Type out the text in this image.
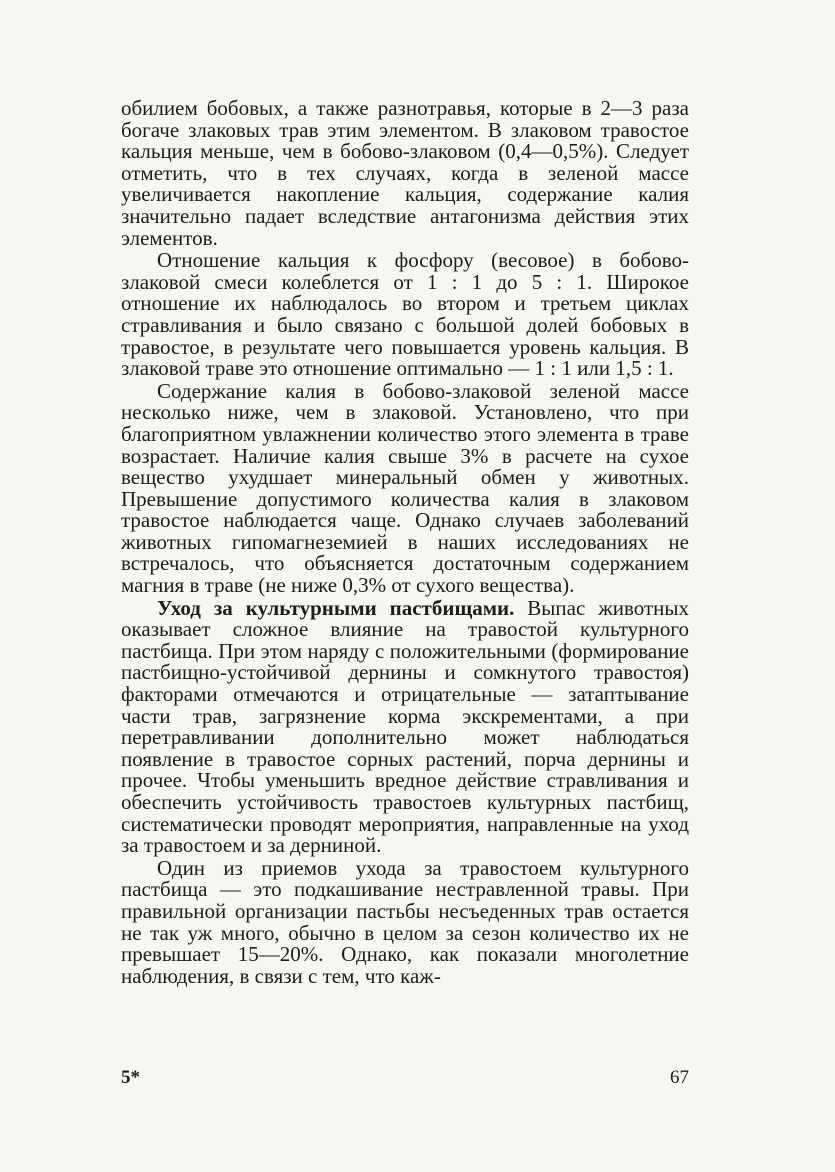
обилием бобовых, а также разнотравья, которые в 2—3 раза богаче злаковых трав этим элементом. В злаковом травостое кальция меньше, чем в бобово-злаковом (0,4—0,5%). Следует отметить, что в тех случаях, когда в зеленой массе увеличивается накопление кальция, содержание калия значительно падает вследствие антагонизма действия этих элементов.

Отношение кальция к фосфору (весовое) в бобово-злаковой смеси колеблется от 1 : 1 до 5 : 1. Широкое отношение их наблюдалось во втором и третьем циклах стравливания и было связано с большой долей бобовых в травостое, в результате чего повышается уровень кальция. В злаковой траве это отношение оптимально — 1 : 1 или 1,5 : 1.

Содержание калия в бобово-злаковой зеленой массе несколько ниже, чем в злаковой. Установлено, что при благоприятном увлажнении количество этого элемента в траве возрастает. Наличие калия свыше 3% в расчете на сухое вещество ухудшает минеральный обмен у животных. Превышение допустимого количества калия в злаковом травостое наблюдается чаще. Однако случаев заболеваний животных гипомагнеземией в наших исследованиях не встречалось, что объясняется достаточным содержанием магния в траве (не ниже 0,3% от сухого вещества).

Уход за культурными пастбищами. Выпас животных оказывает сложное влияние на травостой культурного пастбища. При этом наряду с положительными (формирование пастбищно-устойчивой дернины и сомкнутого травостоя) факторами отмечаются и отрицательные — затаптывание части трав, загрязнение корма экскрементами, а при перетравливании дополнительно может наблюдаться появление в травостое сорных растений, порча дернины и прочее. Чтобы уменьшить вредное действие стравливания и обеспечить устойчивость травостоев культурных пастбищ, систематически проводят мероприятия, направленные на уход за травостоем и за дерниной.

Один из приемов ухода за травостоем культурного пастбища — это подкашивание нестравленной травы. При правильной организации пастьбы несъеденных трав остается не так уж много, обычно в целом за сезон количество их не превышает 15—20%. Однако, как показали многолетние наблюдения, в связи с тем, что каж-

5*	67
